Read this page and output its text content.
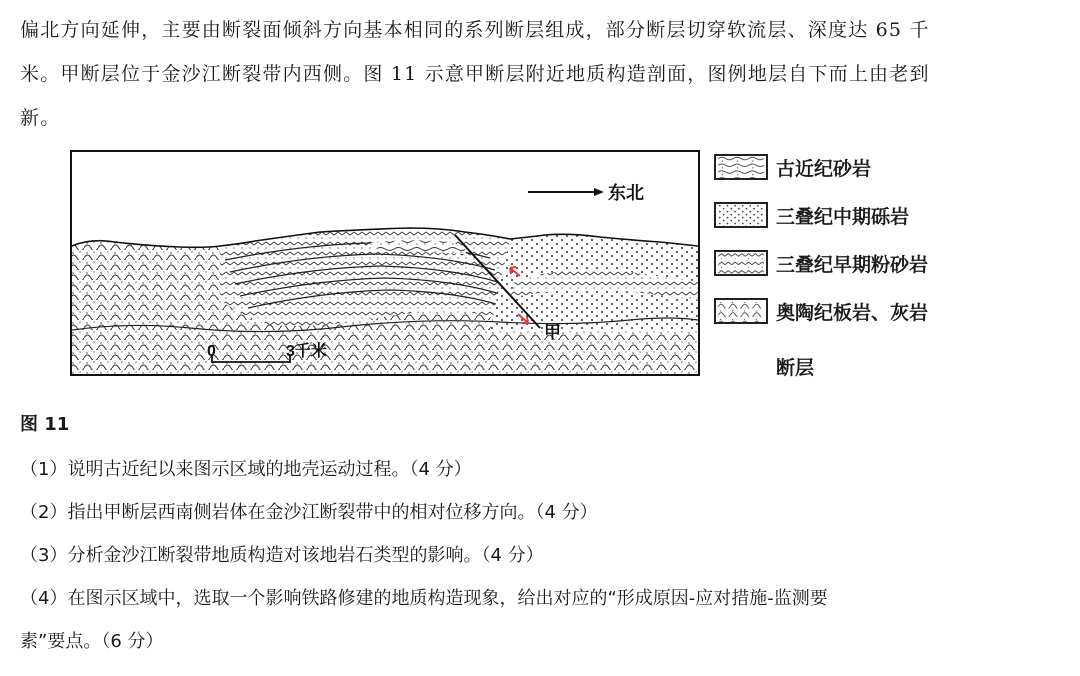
偏北方向延伸，主要由断裂面倾斜方向基本相同的系列断层组成，部分断层切穿软流层、深度达 65 千

米。甲断层位于金沙江断裂带内西侧。图 11 示意甲断层附近地质构造剖面，图例地层自下而上由老到

新。

东北
甲
0	3千米
古近纪砂岩
三叠纪中期砾岩
三叠纪早期粉砂岩
奥陶纪板岩、灰岩
断层
图 11

（1）说明古近纪以来图示区域的地壳运动过程。（4 分）

（2）指出甲断层西南侧岩体在金沙江断裂带中的相对位移方向。（4 分）

（3）分析金沙江断裂带地质构造对该地岩石类型的影响。（4 分）

（4）在图示区域中，选取一个影响铁路修建的地质构造现象，给出对应的“形成原因-应对措施-监测要

素”要点。（6 分）
